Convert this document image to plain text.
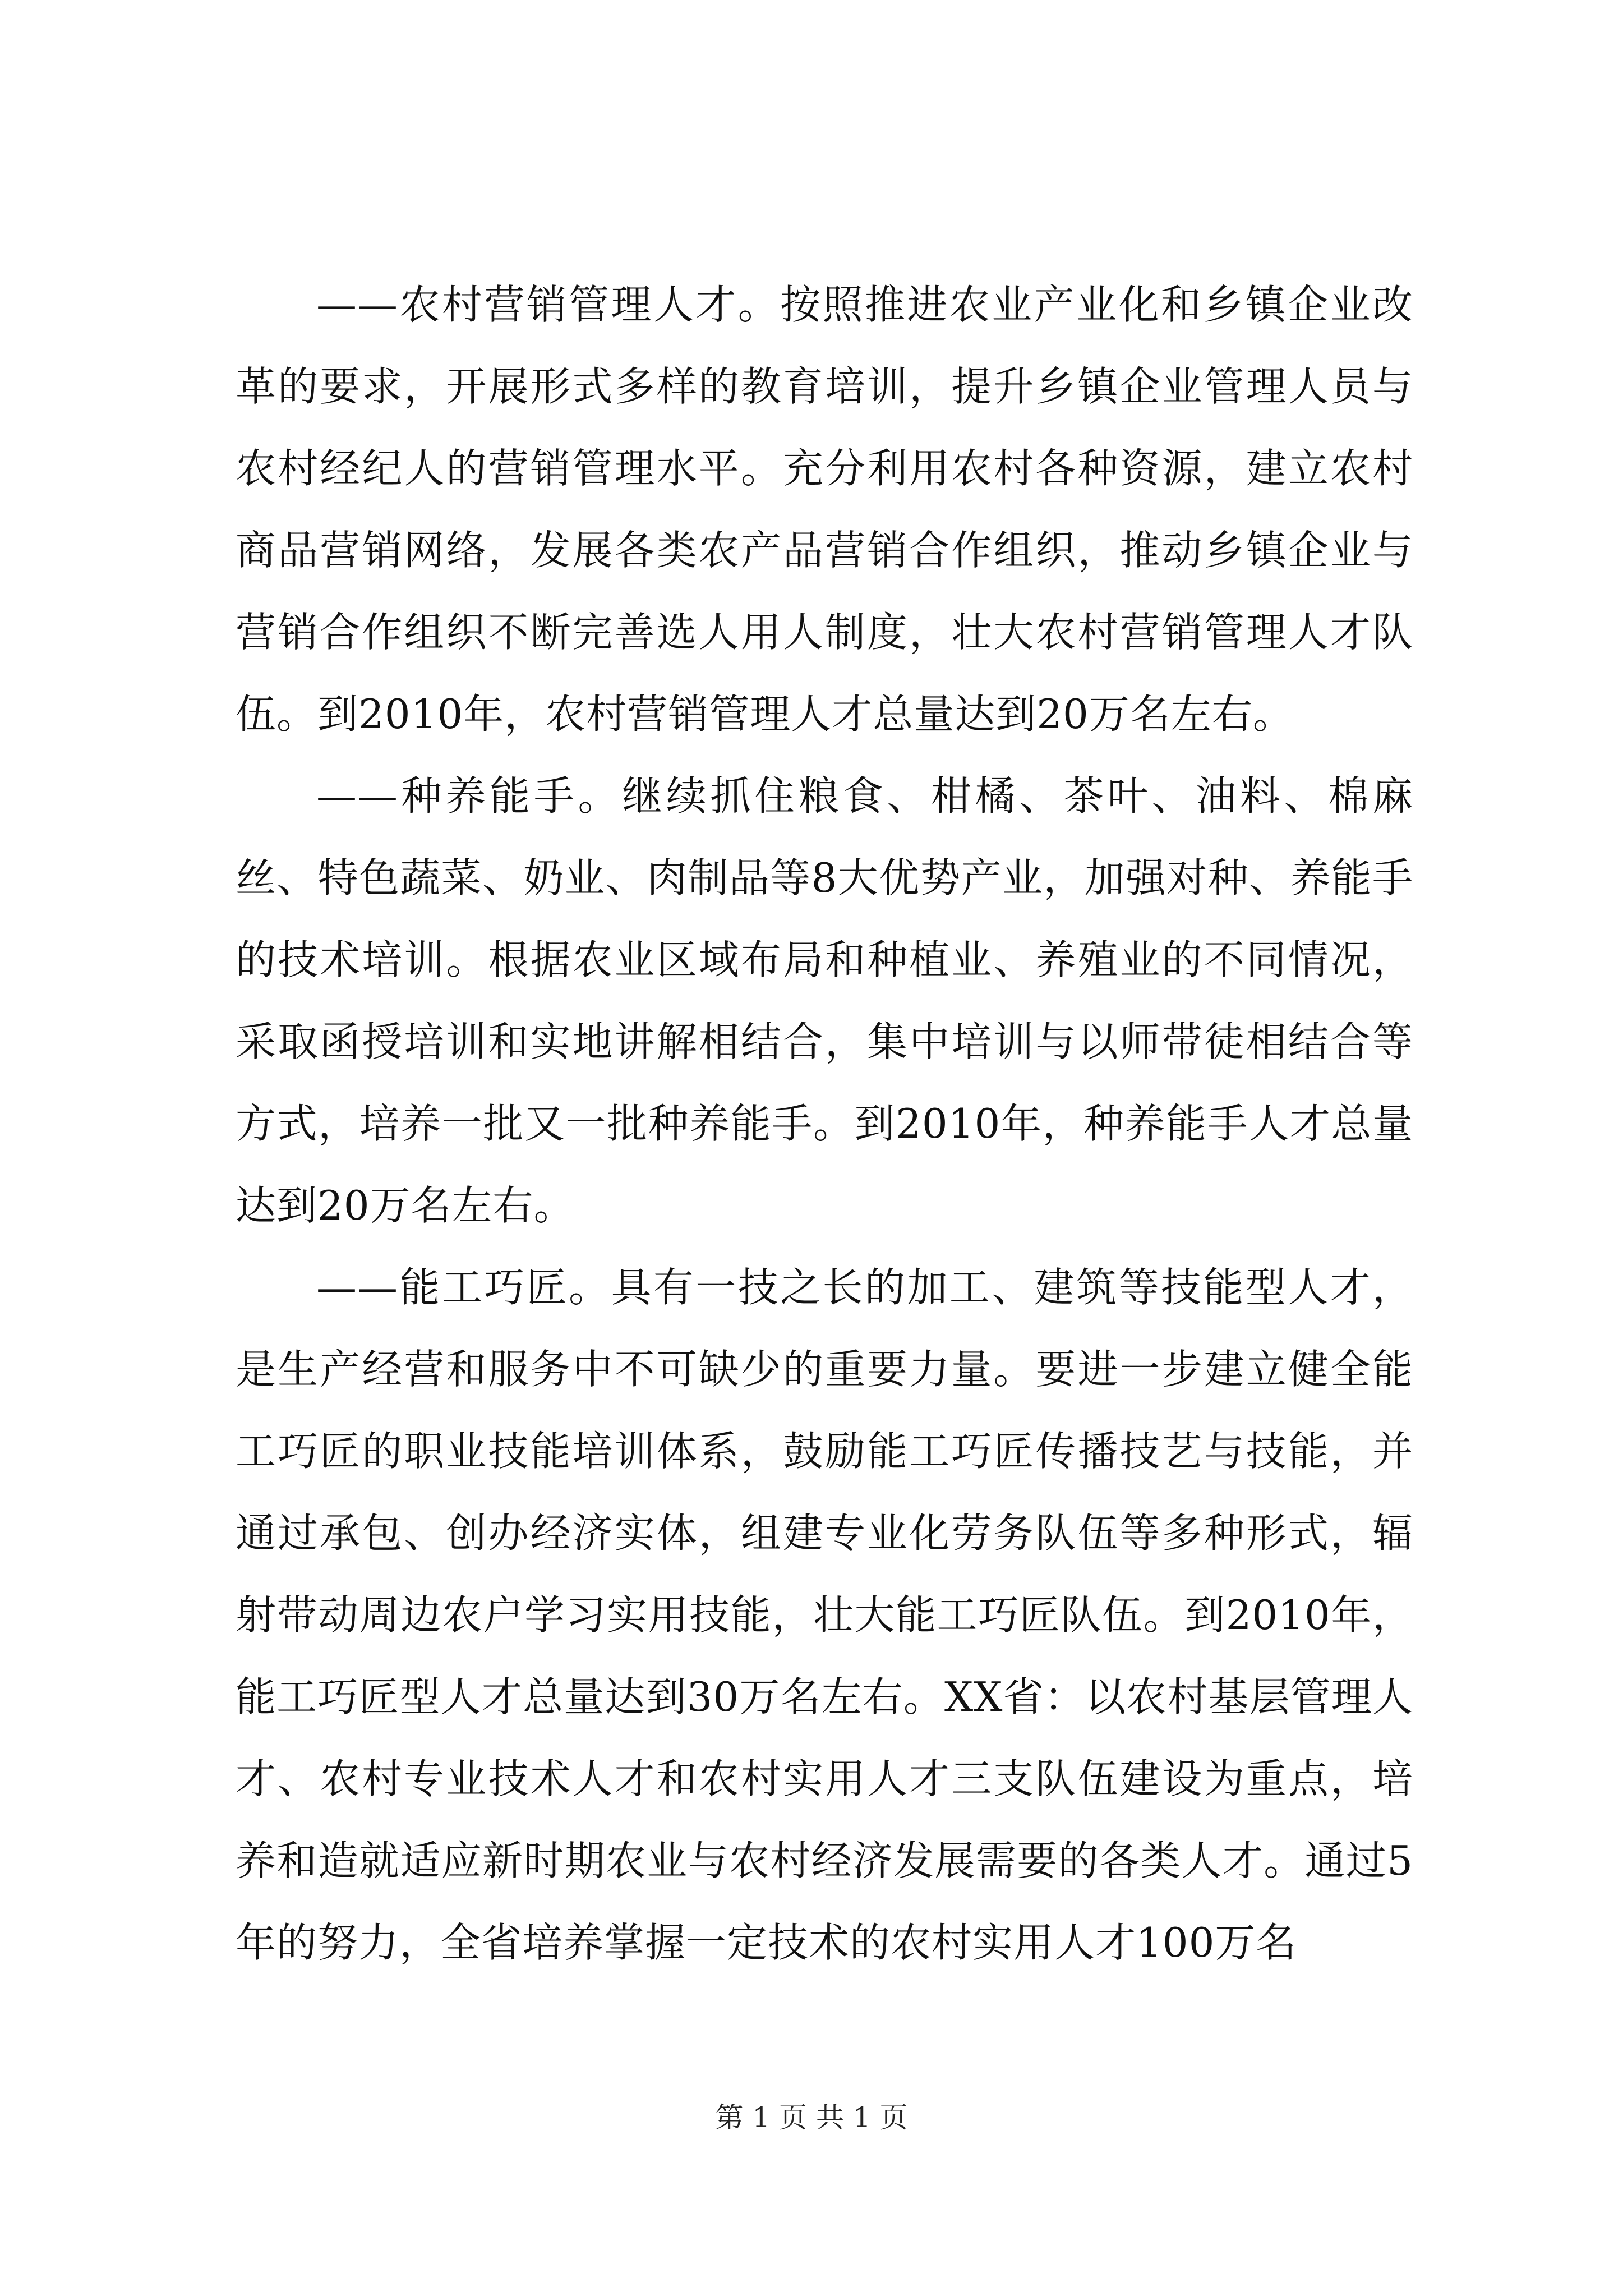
——农村营销管理人才。按照推进农业产业化和乡镇企业改革的要求，开展形式多样的教育培训，提升乡镇企业管理人员与农村经纪人的营销管理水平。充分利用农村各种资源，建立农村商品营销网络，发展各类农产品营销合作组织，推动乡镇企业与营销合作组织不断完善选人用人制度，壮大农村营销管理人才队伍。到2010年，农村营销管理人才总量达到20万名左右。

——种养能手。继续抓住粮食、柑橘、茶叶、油料、棉麻丝、特色蔬菜、奶业、肉制品等8大优势产业，加强对种、养能手的技术培训。根据农业区域布局和种植业、养殖业的不同情况，采取函授培训和实地讲解相结合，集中培训与以师带徒相结合等方式，培养一批又一批种养能手。到2010年，种养能手人才总量达到20万名左右。

——能工巧匠。具有一技之长的加工、建筑等技能型人才，是生产经营和服务中不可缺少的重要力量。要进一步建立健全能工巧匠的职业技能培训体系，鼓励能工巧匠传播技艺与技能，并通过承包、创办经济实体，组建专业化劳务队伍等多种形式，辐射带动周边农户学习实用技能，壮大能工巧匠队伍。到2010年，能工巧匠型人才总量达到30万名左右。XX省：以农村基层管理人才、农村专业技术人才和农村实用人才三支队伍建设为重点，培养和造就适应新时期农业与农村经济发展需要的各类人才。通过5年的努力，全省培养掌握一定技术的农村实用人才100万名

第 1 页 共 1 页
